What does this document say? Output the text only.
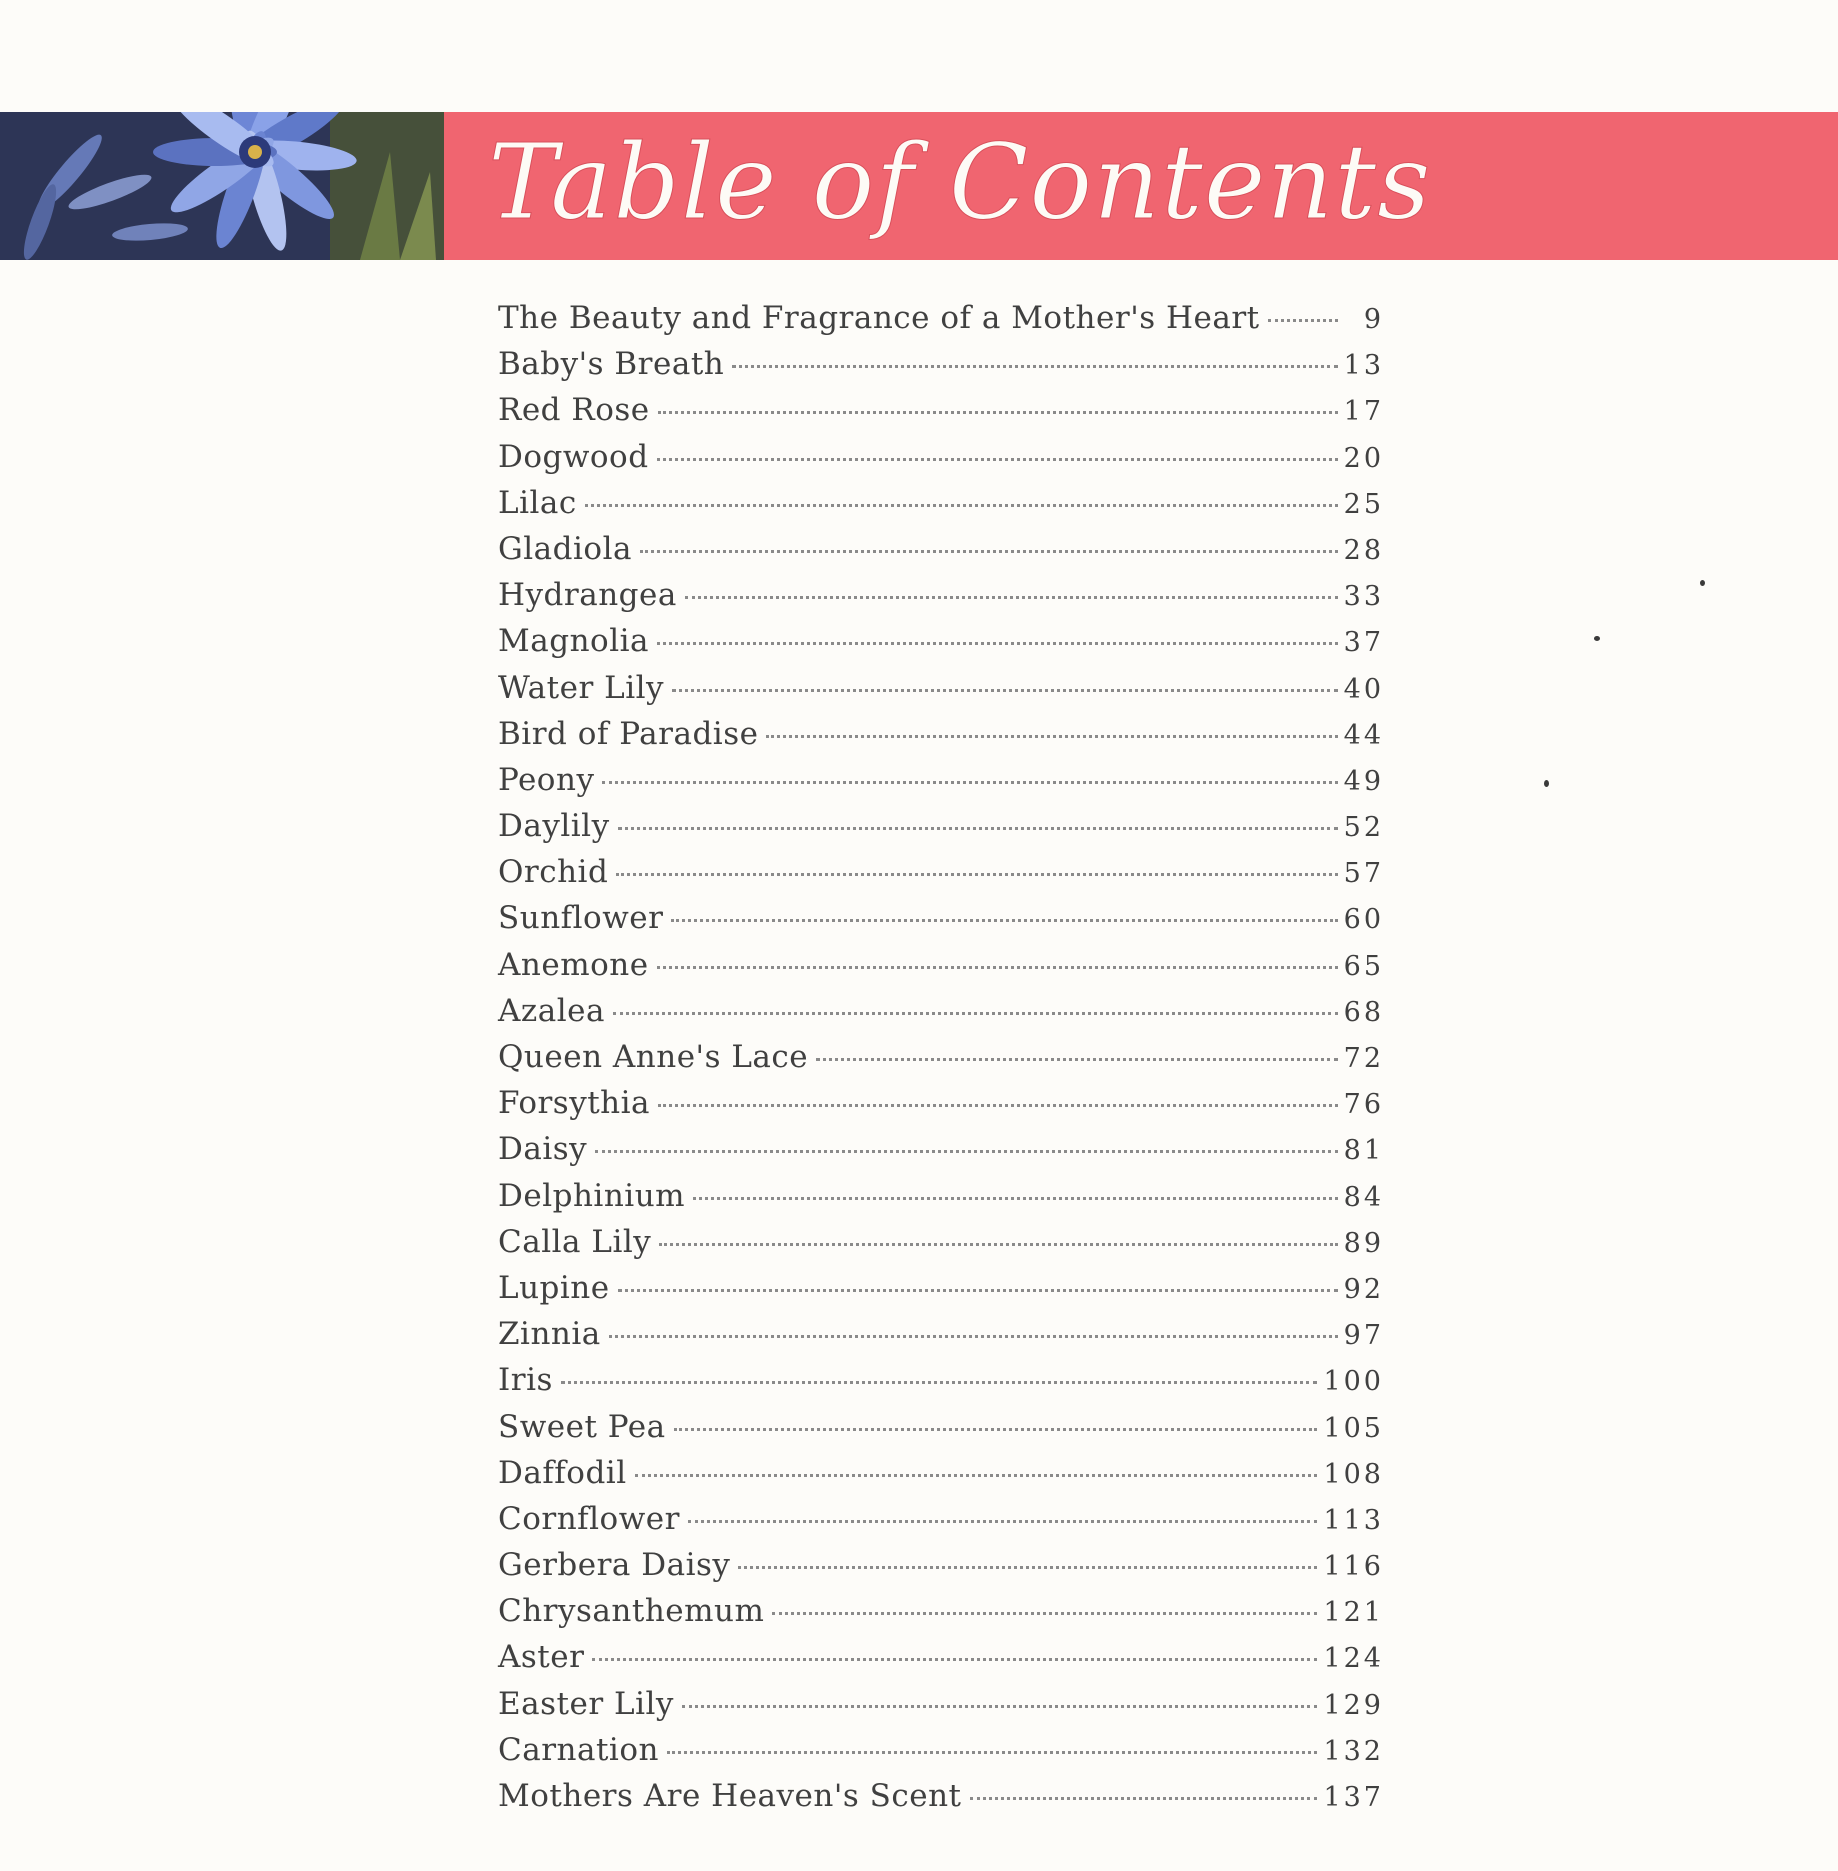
Table of Contents
The Beauty and Fragrance of a Mother's Heart	9
Baby's Breath	13
Red Rose	17
Dogwood	20
Lilac	25
Gladiola	28
Hydrangea	33
Magnolia	37
Water Lily	40
Bird of Paradise	44
Peony	49
Daylily	52
Orchid	57
Sunflower	60
Anemone	65
Azalea	68
Queen Anne's Lace	72
Forsythia	76
Daisy	81
Delphinium	84
Calla Lily	89
Lupine	92
Zinnia	97
Iris	100
Sweet Pea	105
Daffodil	108
Cornflower	113
Gerbera Daisy	116
Chrysanthemum	121
Aster	124
Easter Lily	129
Carnation	132
Mothers Are Heaven's Scent	137
